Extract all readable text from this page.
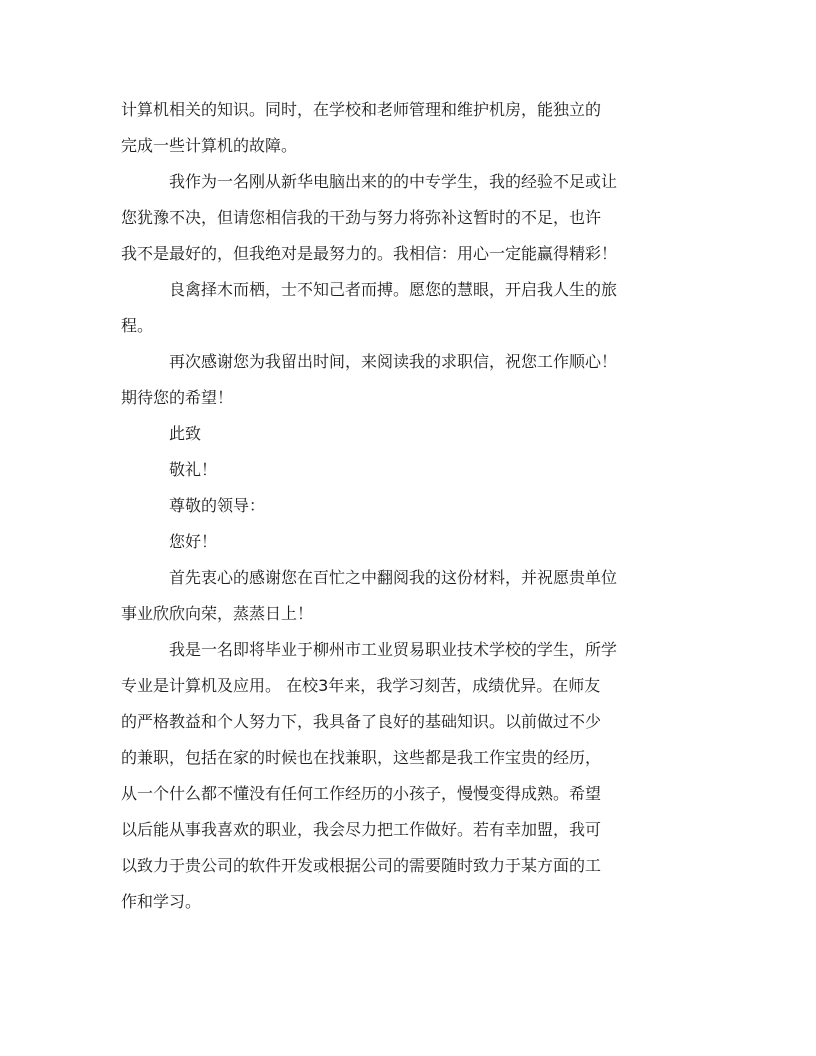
计算机相关的知识。同时，在学校和老师管理和维护机房，能独立的
完成一些计算机的故障。

我作为一名刚从新华电脑出来的的中专学生，我的经验不足或让
您犹豫不决，但请您相信我的干劲与努力将弥补这暂时的不足，也许
我不是最好的，但我绝对是最努力的。我相信：用心一定能赢得精彩！

良禽择木而栖，士不知己者而搏。愿您的慧眼，开启我人生的旅
程。

再次感谢您为我留出时间，来阅读我的求职信，祝您工作顺心！
期待您的希望！

此致

敬礼！

尊敬的领导：

您好！

首先衷心的感谢您在百忙之中翻阅我的这份材料，并祝愿贵单位
事业欣欣向荣，蒸蒸日上！

我是一名即将毕业于柳州市工业贸易职业技术学校的学生，所学
专业是计算机及应用。 在校3年来，我学习刻苦，成绩优异。在师友
的严格教益和个人努力下，我具备了良好的基础知识。以前做过不少
的兼职，包括在家的时候也在找兼职，这些都是我工作宝贵的经历，
从一个什么都不懂没有任何工作经历的小孩子，慢慢变得成熟。希望
以后能从事我喜欢的职业，我会尽力把工作做好。若有幸加盟，我可
以致力于贵公司的软件开发或根据公司的需要随时致力于某方面的工
作和学习。
